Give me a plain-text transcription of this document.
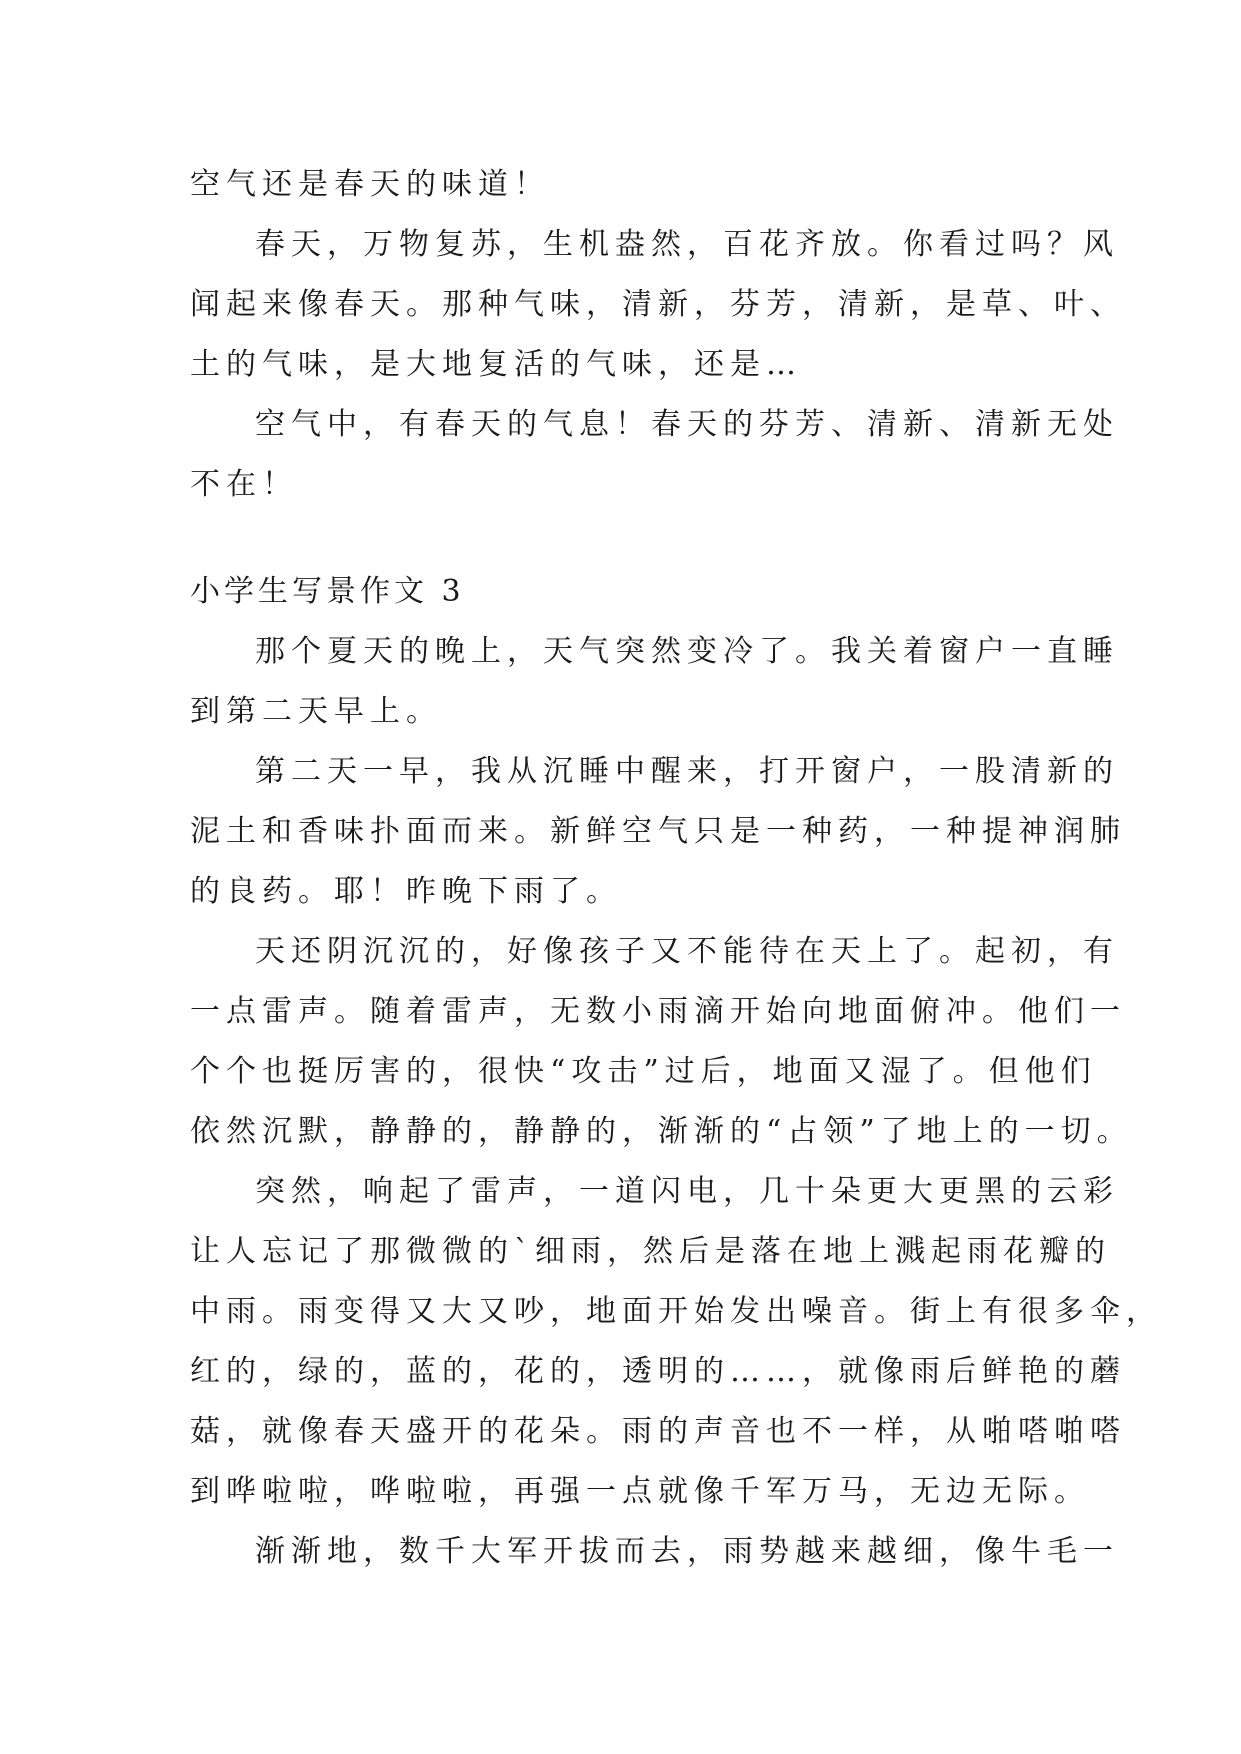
空气还是春天的味道！
春天，万物复苏，生机盎然，百花齐放。你看过吗？风
闻起来像春天。那种气味，清新，芬芳，清新，是草、叶、
土的气味，是大地复活的气味，还是…
空气中，有春天的气息！春天的芬芳、清新、清新无处
不在！
小学生写景作文 3
那个夏天的晚上，天气突然变冷了。我关着窗户一直睡
到第二天早上。
第二天一早，我从沉睡中醒来，打开窗户，一股清新的
泥土和香味扑面而来。新鲜空气只是一种药，一种提神润肺
的良药。耶！昨晚下雨了。
天还阴沉沉的，好像孩子又不能待在天上了。起初，有
一点雷声。随着雷声，无数小雨滴开始向地面俯冲。他们一
个个也挺厉害的，很快“攻击”过后，地面又湿了。但他们
依然沉默，静静的，静静的，渐渐的“占领”了地上的一切。
突然，响起了雷声，一道闪电，几十朵更大更黑的云彩
让人忘记了那微微的`细雨，然后是落在地上溅起雨花瓣的
中雨。雨变得又大又吵，地面开始发出噪音。街上有很多伞，
红的，绿的，蓝的，花的，透明的……，就像雨后鲜艳的蘑
菇，就像春天盛开的花朵。雨的声音也不一样，从啪嗒啪嗒
到哗啦啦，哗啦啦，再强一点就像千军万马，无边无际。
渐渐地，数千大军开拔而去，雨势越来越细，像牛毛一
